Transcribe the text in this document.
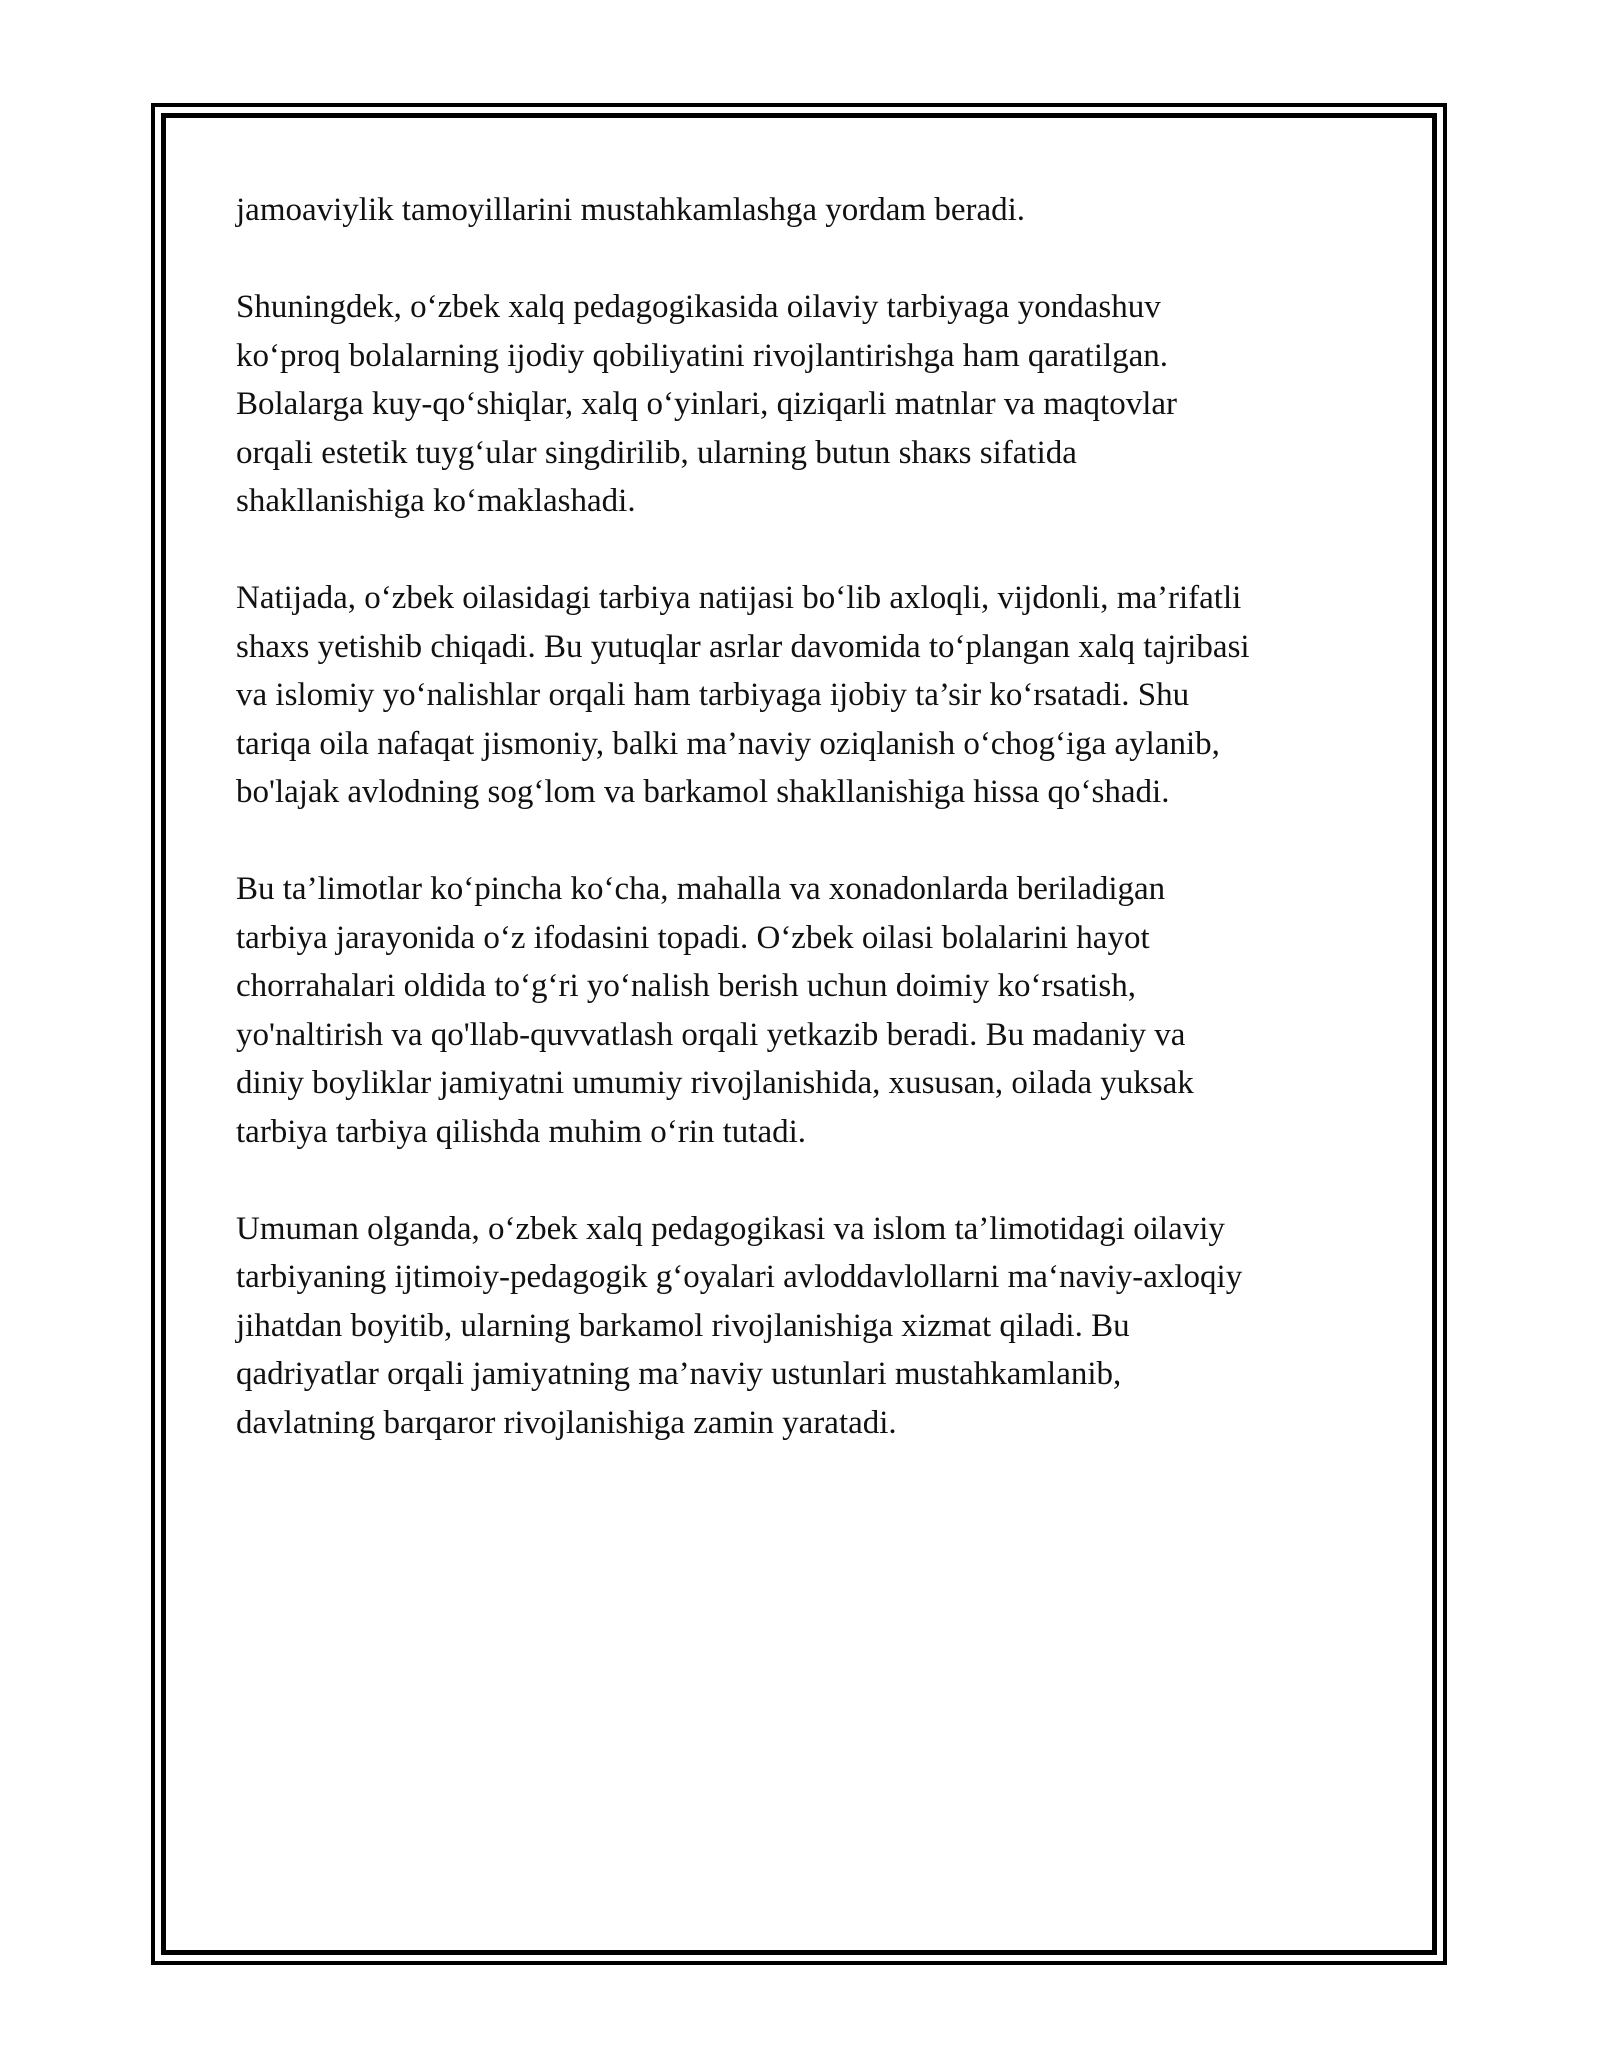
jamoaviylik tamoyillarini mustahkamlashga yordam beradi.

Shuningdek, o‘zbek xalq pedagogikasida oilaviy tarbiyaga yondashuv
ko‘proq bolalarning ijodiy qobiliyatini rivojlantirishga ham qaratilgan.
Bolalarga kuy-qo‘shiqlar, xalq o‘yinlari, qiziqarli matnlar va maqtovlar
orqali estetik tuyg‘ular singdirilib, ularning butun shaкs sifatida
shakllanishiga ko‘maklashadi.

Natijada, o‘zbek oilasidagi tarbiya natijasi bo‘lib axloqli, vijdonli, ma’rifatli
shaxs yetishib chiqadi. Bu yutuqlar asrlar davomida to‘plangan xalq tajribasi
va islomiy yo‘nalishlar orqali ham tarbiyaga ijobiy ta’sir ko‘rsatadi. Shu
tariqa oila nafaqat jismoniy, balki ma’naviy oziqlanish o‘chog‘iga aylanib,
bo'lajak avlodning sog‘lom va barkamol shakllanishiga hissa qo‘shadi.

Bu ta’limotlar ko‘pincha ko‘cha, mahalla va xonadonlarda beriladigan
tarbiya jarayonida o‘z ifodasini topadi. O‘zbek oilasi bolalarini hayot
chorrahalari oldida to‘g‘ri yo‘nalish berish uchun doimiy ko‘rsatish,
yo'naltirish va qo'llab-quvvatlash orqali yetkazib beradi. Bu madaniy va
diniy boyliklar jamiyatni umumiy rivojlanishida, xususan, oilada yuksak
tarbiya tarbiya qilishda muhim o‘rin tutadi.

Umuman olganda, o‘zbek xalq pedagogikasi va islom ta’limotidagi oilaviy
tarbiyaning ijtimoiy-pedagogik g‘oyalari avloddavlollarni maʻnaviy-axloqiy
jihatdan boyitib, ularning barkamol rivojlanishiga xizmat qiladi. Bu
qadriyatlar orqali jamiyatning ma’naviy ustunlari mustahkamlanib,
davlatning barqaror rivojlanishiga zamin yaratadi.
